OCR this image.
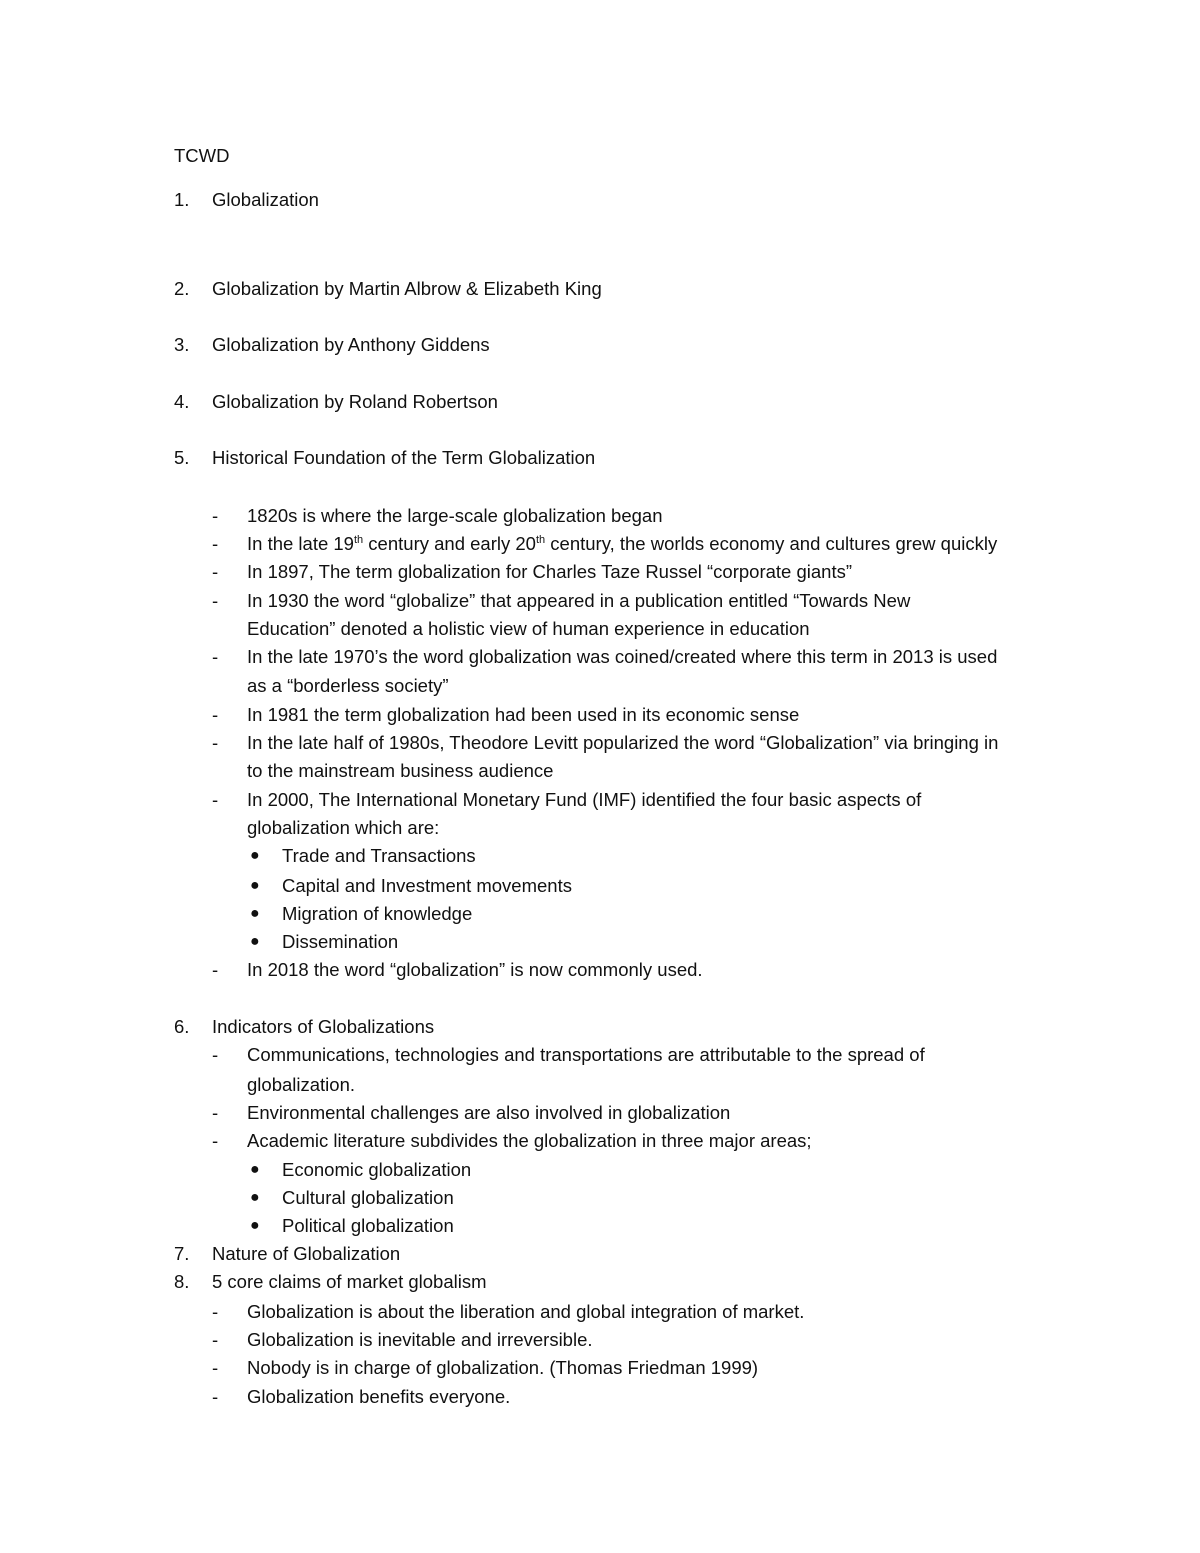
TCWD
1. Globalization
2. Globalization by Martin Albrow & Elizabeth King
3. Globalization by Anthony Giddens
4. Globalization by Roland Robertson
5. Historical Foundation of the Term Globalization
- 1820s is where the large-scale globalization began
- In the late 19th century and early 20th century, the worlds economy and cultures grew quickly
- In 1897, The term globalization for Charles Taze Russel “corporate giants”
- In 1930 the word “globalize” that appeared in a publication entitled “Towards New
Education” denoted a holistic view of human experience in education
- In the late 1970’s the word globalization was coined/created where this term in 2013 is used
as a “borderless society”
- In 1981 the term globalization had been used in its economic sense
- In the late half of 1980s, Theodore Levitt popularized the word “Globalization” via bringing in
to the mainstream business audience
- In 2000, The International Monetary Fund (IMF) identified the four basic aspects of
globalization which are:
● Trade and Transactions
● Capital and Investment movements
● Migration of knowledge
● Dissemination
- In 2018 the word “globalization” is now commonly used.
6. Indicators of Globalizations
- Communications, technologies and transportations are attributable to the spread of
globalization.
- Environmental challenges are also involved in globalization
- Academic literature subdivides the globalization in three major areas;
● Economic globalization
● Cultural globalization
● Political globalization
7. Nature of Globalization
8. 5 core claims of market globalism
- Globalization is about the liberation and global integration of market.
- Globalization is inevitable and irreversible.
- Nobody is in charge of globalization. (Thomas Friedman 1999)
- Globalization benefits everyone.
